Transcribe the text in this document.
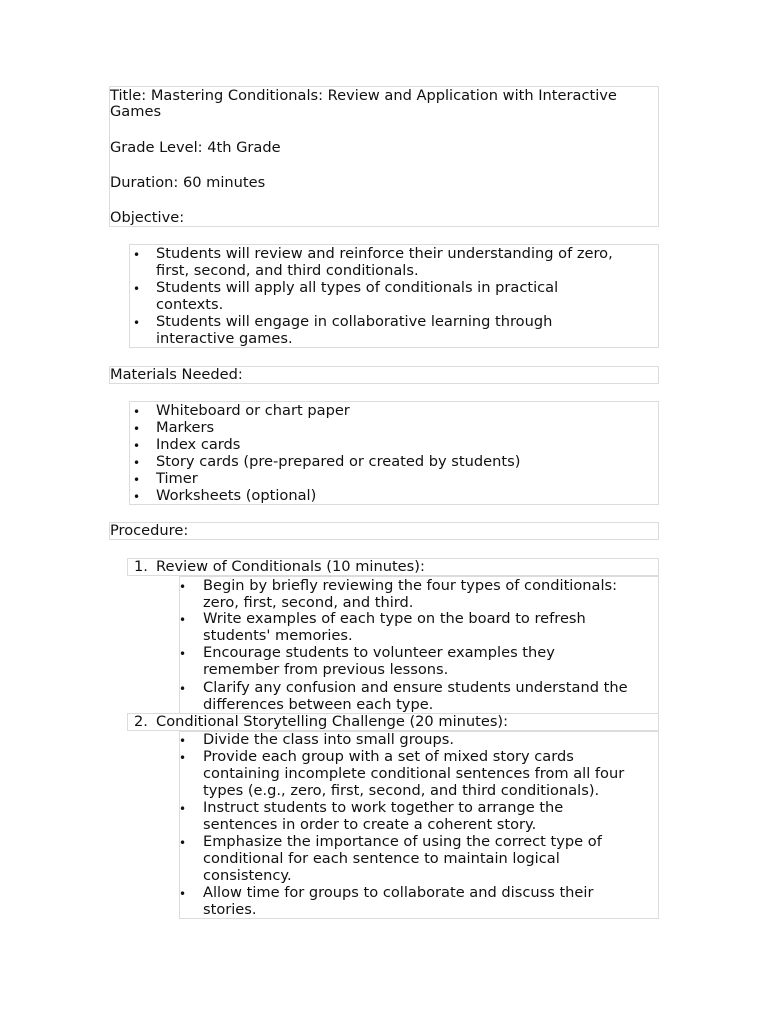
Title: Mastering Conditionals: Review and Application with Interactive
Games
Grade Level: 4th Grade
Duration: 60 minutes
Objective:
• Students will review and reinforce their understanding of zero,
first, second, and third conditionals.
• Students will apply all types of conditionals in practical
contexts.
• Students will engage in collaborative learning through
interactive games.
Materials Needed:
• Whiteboard or chart paper
• Markers
• Index cards
• Story cards (pre-prepared or created by students)
• Timer
• Worksheets (optional)
Procedure:
1. Review of Conditionals (10 minutes):
• Begin by briefly reviewing the four types of conditionals:
zero, first, second, and third.
• Write examples of each type on the board to refresh
students' memories.
• Encourage students to volunteer examples they
remember from previous lessons.
• Clarify any confusion and ensure students understand the
differences between each type.
2. Conditional Storytelling Challenge (20 minutes):
• Divide the class into small groups.
• Provide each group with a set of mixed story cards
containing incomplete conditional sentences from all four
types (e.g., zero, first, second, and third conditionals).
• Instruct students to work together to arrange the
sentences in order to create a coherent story.
• Emphasize the importance of using the correct type of
conditional for each sentence to maintain logical
consistency.
• Allow time for groups to collaborate and discuss their
stories.
